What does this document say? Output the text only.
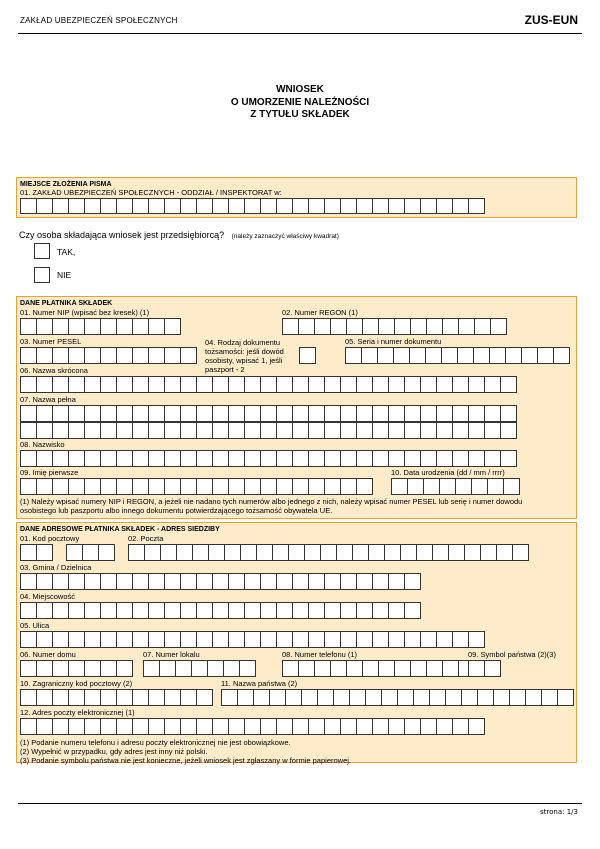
ZAKŁAD UBEZPIECZEŃ SPOŁECZNYCH	ZUS-EUN
WNIOSEK
O UMORZENIE NALEŻNOŚCI
Z TYTUŁU SKŁADEK
MIEJSCE ZŁOŻENIA PISMA
01. ZAKŁAD UBEZPIECZEŃ SPOŁECZNYCH - ODDZIAŁ / INSPEKTORAT w:
Czy osoba składająca wniosek jest przedsiębiorcą? (należy zaznaczyć właściwy kwadrat)
TAK,
NIE
DANE PŁATNIKA SKŁADEK
01. Numer NIP (wpisać bez kresek) (1)	02. Numer REGON (1)
03. Numer PESEL	04. Rodzaj dokumentu
tożsamości: jeśli dowód
osobisty, wpisać 1, jeśli
paszport - 2
05. Seria i numer dokumentu
06. Nazwa skrócona
07. Nazwa pełna
08. Nazwisko
09. Imię pierwsze	10. Data urodzenia (dd / mm / rrrr)
(1) Należy wpisać numery NIP i REGON, a jeżeli nie nadano tych numerów albo jednego z nich, należy wpisać numer PESEL lub serię i numer dowodu
osobistego lub paszportu albo innego dokumentu potwierdzającego tożsamość obywatela UE.
DANE ADRESOWE PŁATNIKA SKŁADEK - ADRES SIEDZIBY
01. Kod pocztowy	02. Poczta
03. Gmina / Dzielnica
04. Miejscowość
05. Ulica
06. Numer domu	07. Numer lokalu	08. Numer telefonu (1)	09. Symbol państwa (2)(3)
10. Zagraniczny kod pocztowy (2)	11. Nazwa państwa (2)
12. Adres poczty elektronicznej (1)
(1) Podanie numeru telefonu i adresu poczty elektronicznej nie jest obowiązkowe.
(2) Wypełnić w przypadku, gdy adres jest inny niż polski.
(3) Podanie symbolu państwa nie jest konieczne, jeżeli wniosek jest zgłaszany w formie papierowej.
strona: 1/3
